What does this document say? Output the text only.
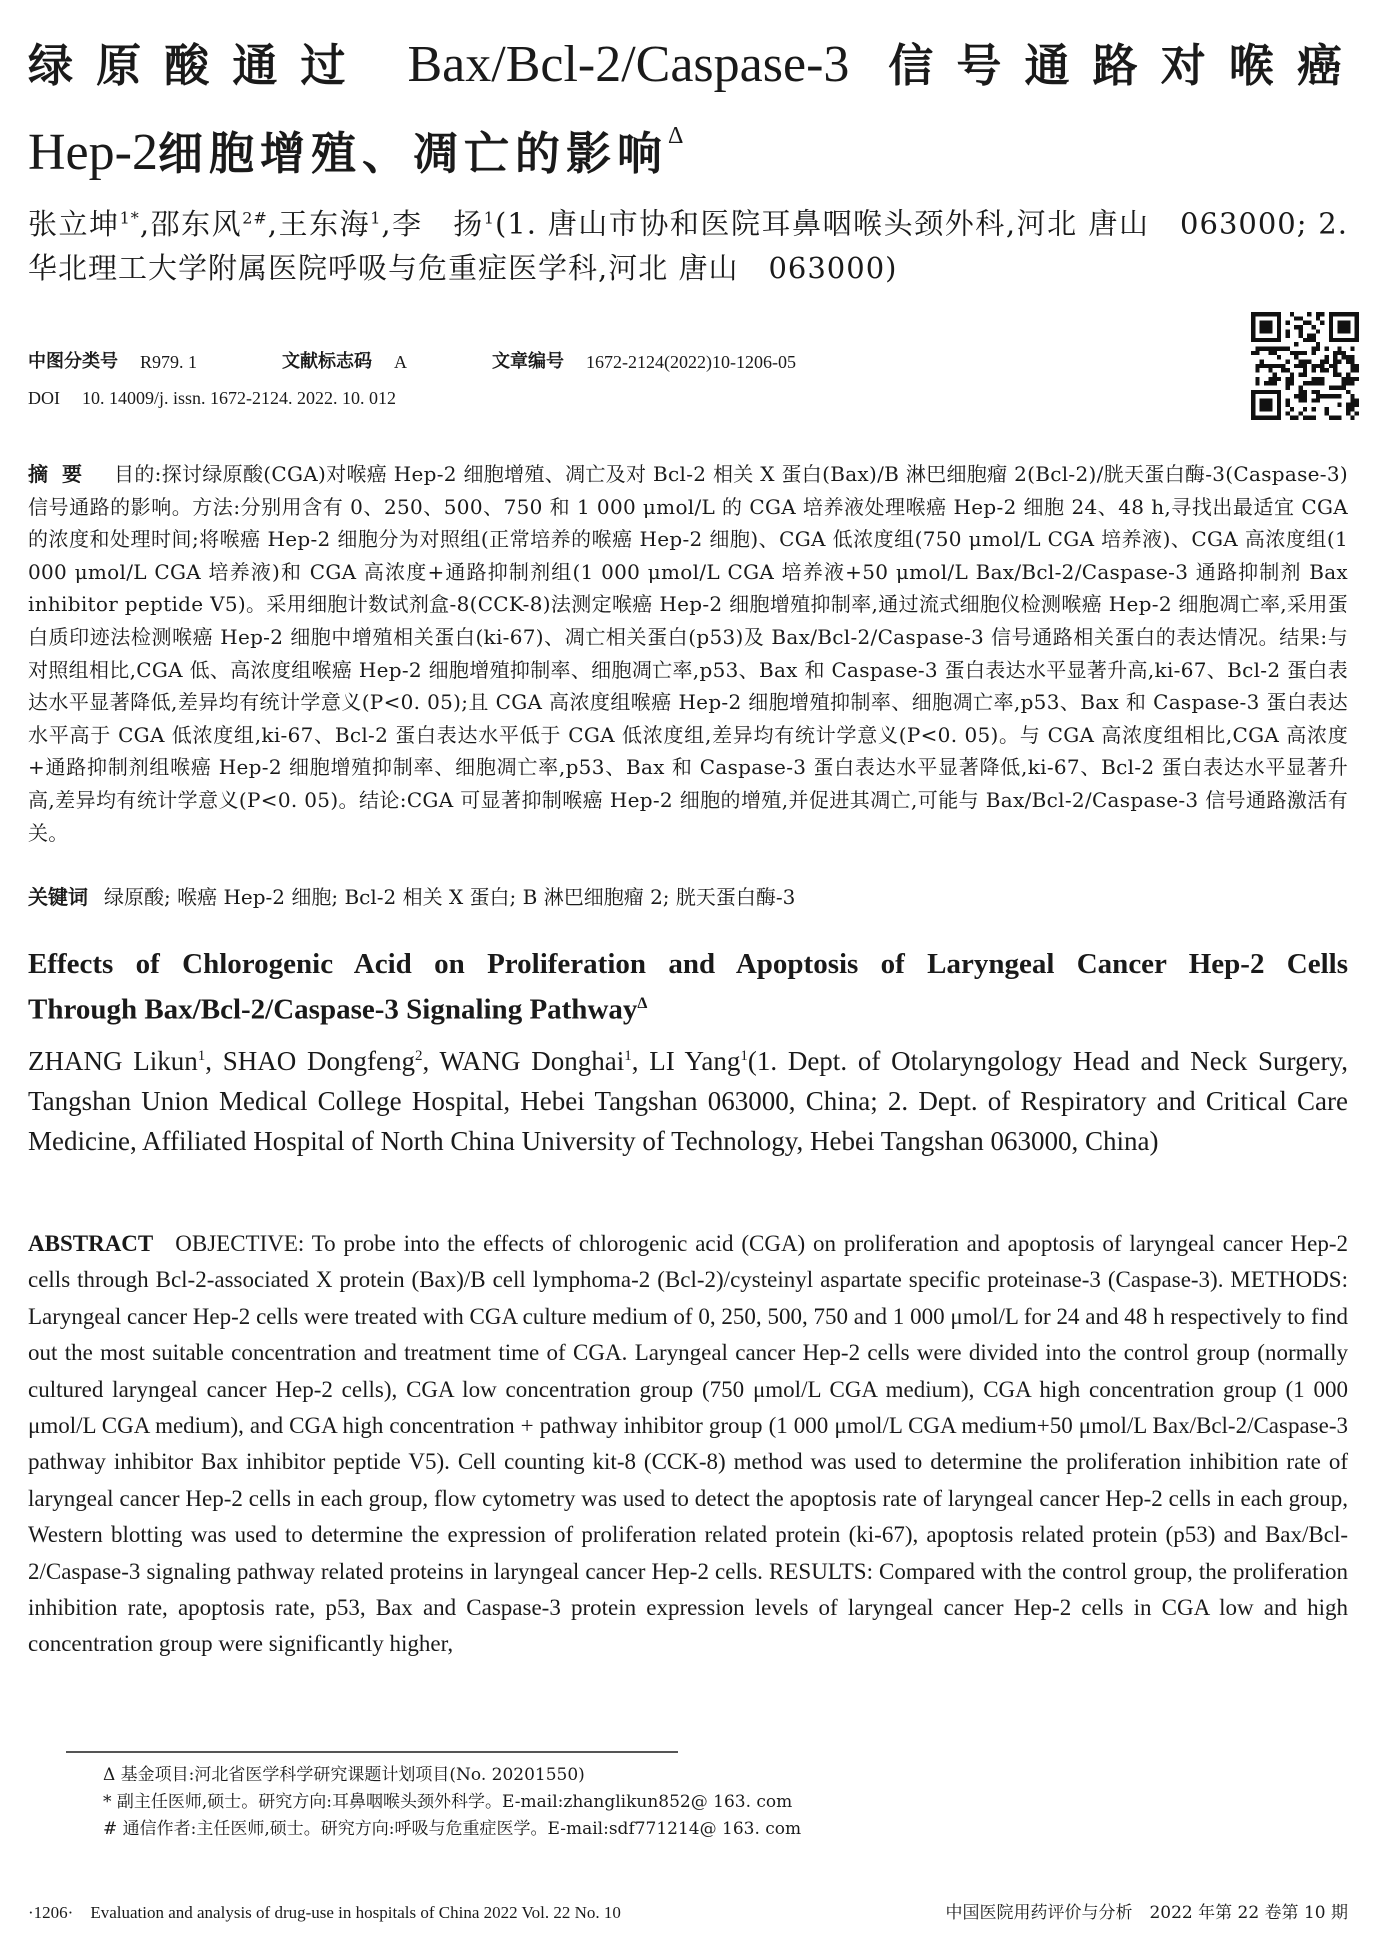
绿原酸通过 Bax/Bcl-2/Caspase-3 信号通路对喉癌
Hep-2细胞增殖、凋亡的影响$^\Delta$
张立坤$^{1*}$,邵东风$^{2\#}$,王东海$^1$,李　扬$^1$(1. 唐山市协和医院耳鼻咽喉头颈外科,河北 唐山　063000; 2. 华北理工大学附属医院呼吸与危重症医学科,河北 唐山　063000)
中图分类号 R979. 1	文献标志码 A	文章编号 1672-2124(2022)10-1206-05
DOI 10. 14009/j. issn. 1672-2124. 2022. 10. 012
摘要 目的:探讨绿原酸(CGA)对喉癌 Hep-2 细胞增殖、凋亡及对 Bcl-2 相关 X 蛋白(Bax)/B 淋巴细胞瘤 2(Bcl-2)/胱天蛋白酶-3(Caspase-3)信号通路的影响。方法:分别用含有 0、250、500、750 和 1 000 μmol/L 的 CGA 培养液处理喉癌 Hep-2 细胞 24、48 h,寻找出最适宜 CGA 的浓度和处理时间;将喉癌 Hep-2 细胞分为对照组(正常培养的喉癌 Hep-2 细胞)、CGA 低浓度组(750 μmol/L CGA 培养液)、CGA 高浓度组(1 000 μmol/L CGA 培养液)和 CGA 高浓度+通路抑制剂组(1 000 μmol/L CGA 培养液+50 μmol/L Bax/Bcl-2/Caspase-3 通路抑制剂 Bax inhibitor peptide V5)。采用细胞计数试剂盒-8(CCK-8)法测定喉癌 Hep-2 细胞增殖抑制率,通过流式细胞仪检测喉癌 Hep-2 细胞凋亡率,采用蛋白质印迹法检测喉癌 Hep-2 细胞中增殖相关蛋白(ki-67)、凋亡相关蛋白(p53)及 Bax/Bcl-2/Caspase-3 信号通路相关蛋白的表达情况。结果:与对照组相比,CGA 低、高浓度组喉癌 Hep-2 细胞增殖抑制率、细胞凋亡率,p53、Bax 和 Caspase-3 蛋白表达水平显著升高,ki-67、Bcl-2 蛋白表达水平显著降低,差异均有统计学意义(P<0. 05);且 CGA 高浓度组喉癌 Hep-2 细胞增殖抑制率、细胞凋亡率,p53、Bax 和 Caspase-3 蛋白表达水平高于 CGA 低浓度组,ki-67、Bcl-2 蛋白表达水平低于 CGA 低浓度组,差异均有统计学意义(P<0. 05)。与 CGA 高浓度组相比,CGA 高浓度+通路抑制剂组喉癌 Hep-2 细胞增殖抑制率、细胞凋亡率,p53、Bax 和 Caspase-3 蛋白表达水平显著降低,ki-67、Bcl-2 蛋白表达水平显著升高,差异均有统计学意义(P<0. 05)。结论:CGA 可显著抑制喉癌 Hep-2 细胞的增殖,并促进其凋亡,可能与 Bax/Bcl-2/Caspase-3 信号通路激活有关。
关键词 绿原酸; 喉癌 Hep-2 细胞; Bcl-2 相关 X 蛋白; B 淋巴细胞瘤 2; 胱天蛋白酶-3
Effects of Chlorogenic Acid on Proliferation and Apoptosis of Laryngeal Cancer Hep-2 Cells
Through Bax/Bcl-2/Caspase-3 Signaling Pathway$^\Delta$
ZHANG Likun$^1$, SHAO Dongfeng$^2$, WANG Donghai$^1$, LI Yang$^1$(1. Dept. of Otolaryngology Head and Neck Surgery, Tangshan Union Medical College Hospital, Hebei Tangshan 063000, China; 2. Dept. of Respiratory and Critical Care Medicine, Affiliated Hospital of North China University of Technology, Hebei Tangshan 063000, China)
ABSTRACT OBJECTIVE: To probe into the effects of chlorogenic acid (CGA) on proliferation and apoptosis of laryngeal cancer Hep-2 cells through Bcl-2-associated X protein (Bax)/B cell lymphoma-2 (Bcl-2)/cysteinyl aspartate specific proteinase-3 (Caspase-3). METHODS: Laryngeal cancer Hep-2 cells were treated with CGA culture medium of 0, 250, 500, 750 and 1 000 μmol/L for 24 and 48 h respectively to find out the most suitable concentration and treatment time of CGA. Laryngeal cancer Hep-2 cells were divided into the control group (normally cultured laryngeal cancer Hep-2 cells), CGA low concentration group (750 μmol/L CGA medium), CGA high concentration group (1 000 μmol/L CGA medium), and CGA high concentration + pathway inhibitor group (1 000 μmol/L CGA medium+50 μmol/L Bax/Bcl-2/Caspase-3 pathway inhibitor Bax inhibitor peptide V5). Cell counting kit-8 (CCK-8) method was used to determine the proliferation inhibition rate of laryngeal cancer Hep-2 cells in each group, flow cytometry was used to detect the apoptosis rate of laryngeal cancer Hep-2 cells in each group, Western blotting was used to determine the expression of proliferation related protein (ki-67), apoptosis related protein (p53) and Bax/Bcl-2/Caspase-3 signaling pathway related proteins in laryngeal cancer Hep-2 cells. RESULTS: Compared with the control group, the proliferation inhibition rate, apoptosis rate, p53, Bax and Caspase-3 protein expression levels of laryngeal cancer Hep-2 cells in CGA low and high concentration group were significantly higher,
Δ 基金项目:河北省医学科学研究课题计划项目(No. 20201550)
* 副主任医师,硕士。研究方向:耳鼻咽喉头颈外科学。E-mail:zhanglikun852@ 163. com
# 通信作者:主任医师,硕士。研究方向:呼吸与危重症医学。E-mail:sdf771214@ 163. com
·1206·　Evaluation and analysis of drug-use in hospitals of China 2022 Vol. 22 No. 10	中国医院用药评价与分析　2022 年第 22 卷第 10 期
